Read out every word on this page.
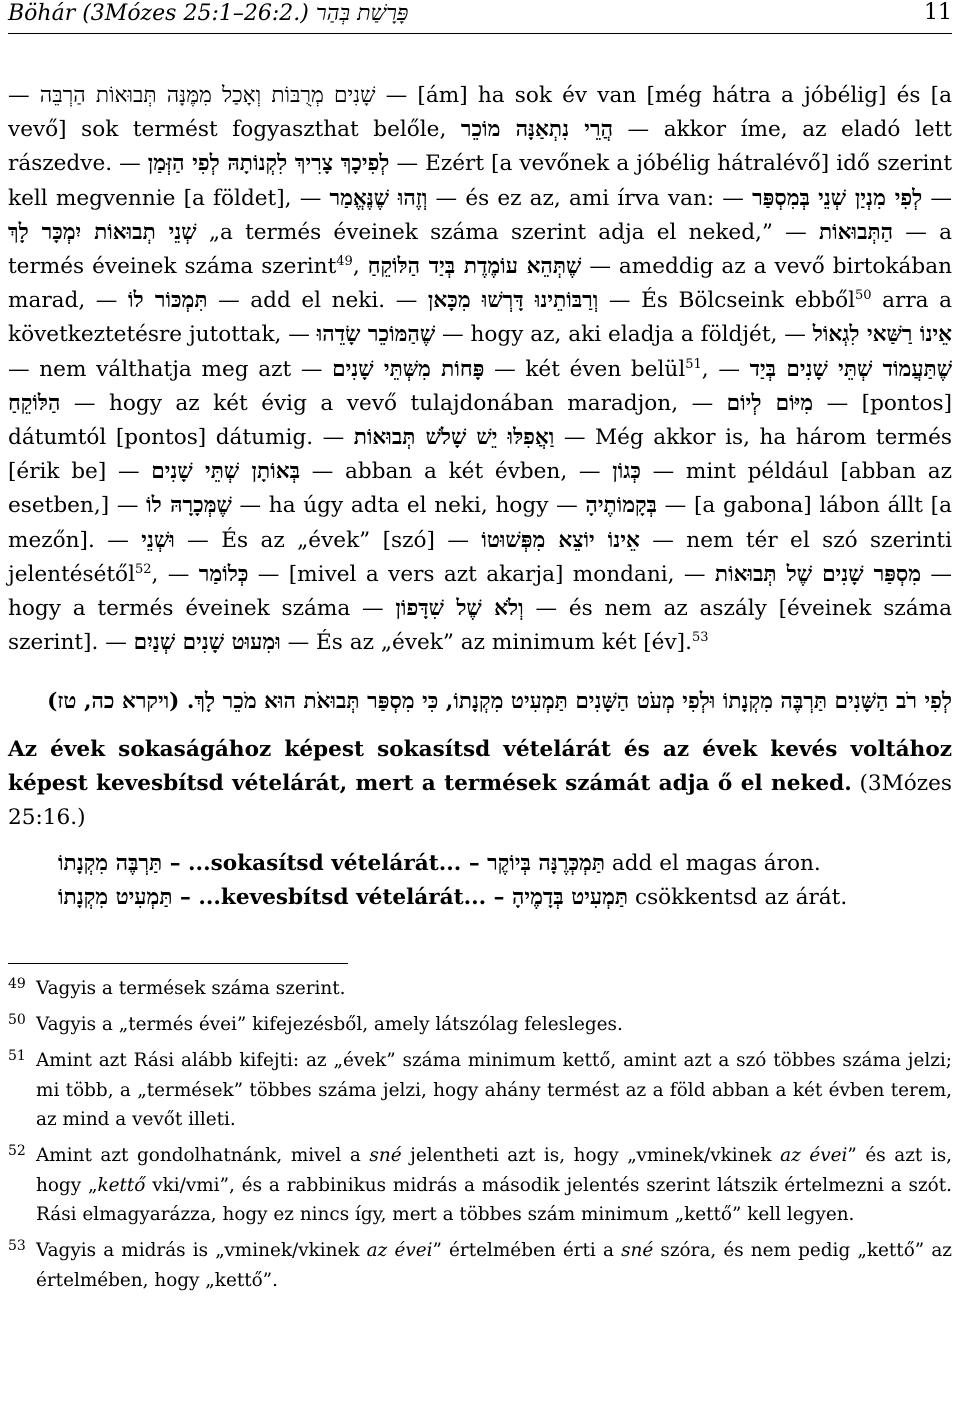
Böhár (3Mózes 25:1–26:2.) פָּרָשַׁת בְּהַר	11
— שָׁנִים מְרֻבּוֹת וְאָכַל מִמֶּנָּה תְּבוּאוֹת הַרְבֵּה — [ám] ha sok év van [még hátra a jóbélig] és [a vevő] sok termést fogyaszthat belőle, הֲרֵי נִתְאַנָּה מוֹכֵר — akkor íme, az eladó lett rászedve. — לְפִיכָךְ צָרִיךְ לִקְנוֹתָהּ לְפִי הַזְּמַן — Ezért [a vevőnek a jóbélig hátralévő] idő szerint kell megvennie [a földet], — וְזֶהוּ שֶׁנֶּאֱמַר — és ez az, ami írva van: — בְּמִסְפַּר לְפִי מִנְיַן שְׁנֵי — שְׁנֵי תְבוּאוֹת יִמְכָּר לָךְ „a termés éveinek száma szerint adja el neked,” — הַתְּבוּאוֹת — a termés éveinek száma szerint$^{49}$, שֶׁתְּהֵא עוֹמֶדֶת בְּיַד הַלּוֹקֵחַ — ameddig az a vevő birtokában marad, — תִּמְכּוֹר לוֹ — add el neki. — וְרַבּוֹתֵינוּ דָּרְשׁוּ מִכָּאן — És Bölcseink ebből$^{50}$ arra a következtetésre jutottak, — שֶׁהַמּוֹכֵר שָׂדֵהוּ — hogy az, aki eladja a földjét, — אֵינוֹ רַשַּׁאי לִגְאוֹל — nem válthatja meg azt — פָּחוֹת מִשְּׁתֵּי שָׁנִים — két éven belül$^{51}$, — שֶׁתַּעֲמוֹד שְׁתֵּי שָׁנִים בְּיַד הַלּוֹקֵחַ — hogy az két évig a vevő tulajdonában maradjon, — מִיּוֹם לְיוֹם — [pontos] dátumtól [pontos] dátumig. — וַאֲפִלּוּ יֵשׁ שָׁלֹשׁ תְּבוּאוֹת — Még akkor is, ha három termés [érik be] — בְּאוֹתָן שְׁתֵּי שָׁנִים — abban a két évben, — כְּגוֹן — mint például [abban az esetben,] — שֶׁמְּכָרָהּ לוֹ — ha úgy adta el neki, hogy — בְּקָמוֹתֶיהָ — [a gabona] lábon állt [a mezőn]. — וּשְׁנֵי — És az „évek” [szó] — אֵינוֹ יוֹצֵא מִפְּשׁוּטוֹ — nem tér el szó szerinti jelentésétől$^{52}$, — כְּלוֹמַר — [mivel a vers azt akarja] mondani, — מִסְפַּר שָׁנִים שֶׁל תְּבוּאוֹת — hogy a termés éveinek száma — וְלֹא שֶׁל שִׁדָּפוֹן — és nem az aszály [éveinek száma szerint]. — וּמִעוּט שָׁנִים שְׁנַיִם — És az „évek” az minimum két [év].$^{53}$
לְפִי רֹב הַשָּׁנִים תַּרְבֶּה מִקְנָתוֹ וּלְפִי מְעֹט הַשָּׁנִים תַּמְעִיט מִקְנָתוֹ, כִּי מִסְפַּר תְּבוּאֹת הוּא מֹכֵר לָךְ. (ויקרא כה, טז)
Az évek sokaságához képest sokasítsd vételárát és az évek kevés voltához képest kevesbítsd vételárát, mert a termések számát adja ő el neked. (3Mózes 25:16.)

תַּרְבֶּה מִקְנָתוֹ – ...sokasítsd vételárát... – תַּמְכְּרֶנָּה בְּיוֹקֶר add el magas áron.

תַּמְעִיט מִקְנָתוֹ – ...kevesbítsd vételárát... – תַּמְעִיט בְּדָמֶיהָ csökkentsd az árát.

49 Vagyis a termések száma szerint.
50 Vagyis a „termés évei” kifejezésből, amely látszólag felesleges.
51 Amint azt Rási alább kifejti: az „évek” száma minimum kettő, amint azt a szó többes száma jelzi; mi több, a „termések” többes száma jelzi, hogy ahány termést az a föld abban a két évben terem, az mind a vevőt illeti.
52 Amint azt gondolhatnánk, mivel a sné jelentheti azt is, hogy „vminek/vkinek az évei” és azt is, hogy „kettő vki/vmi”, és a rabbinikus midrás a második jelentés szerint látszik értelmezni a szót. Rási elmagyarázza, hogy ez nincs így, mert a többes szám minimum „kettő” kell legyen.
53 Vagyis a midrás is „vminek/vkinek az évei” értelmében érti a sné szóra, és nem pedig „kettő” az értelmében, hogy „kettő”.
